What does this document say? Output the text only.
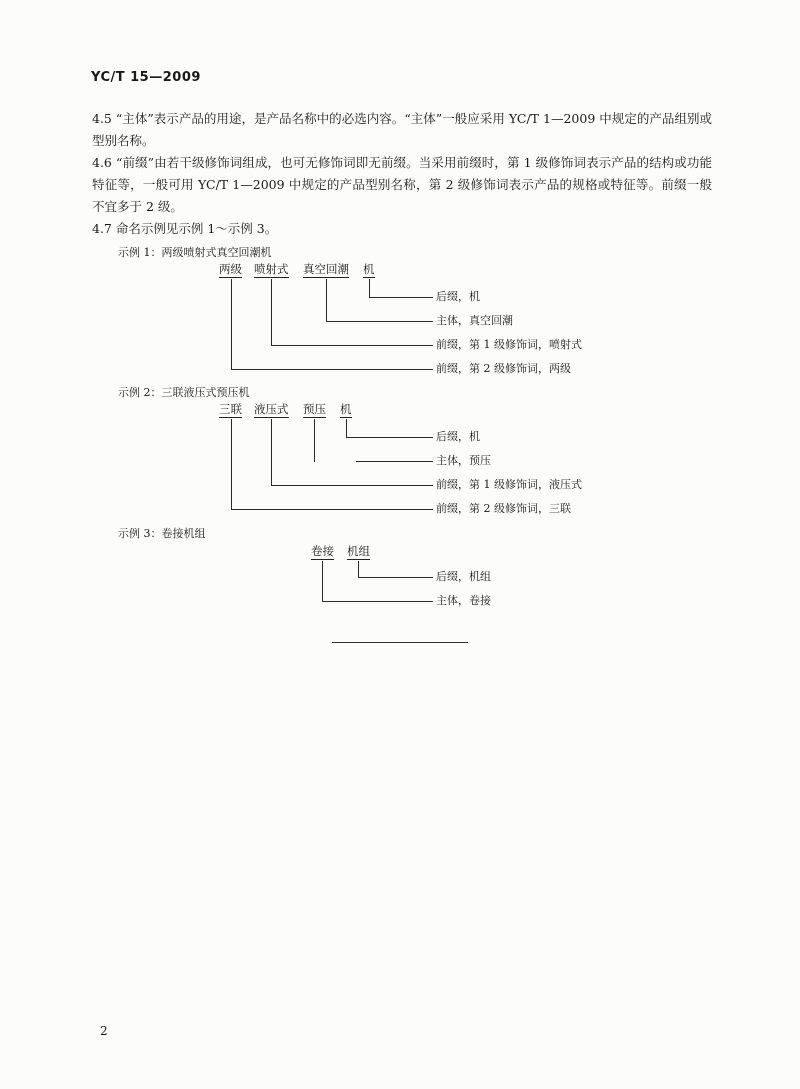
YC/T 15—2009
4.5 “主体”表示产品的用途，是产品名称中的必选内容。“主体”一般应采用 YC/T 1—2009 中规定的产品组别或型别名称。
4.6 “前缀”由若干级修饰词组成，也可无修饰词即无前缀。当采用前缀时，第 1 级修饰词表示产品的结构或功能特征等，一般可用 YC/T 1—2009 中规定的产品型别名称，第 2 级修饰词表示产品的规格或特征等。前缀一般不宜多于 2 级。
4.7 命名示例见示例 1～示例 3。
示例 1：两级喷射式真空回潮机
两级 喷射式 真空回潮 机
后缀，机
主体，真空回潮
前缀，第 1 级修饰词，喷射式
前缀，第 2 级修饰词，两级
示例 2：三联液压式预压机
三联 液压式 预压 机
后缀，机
主体，预压
前缀，第 1 级修饰词，液压式
前缀，第 2 级修饰词，三联
示例 3：卷接机组
卷接 机组
后缀，机组
主体，卷接
2
